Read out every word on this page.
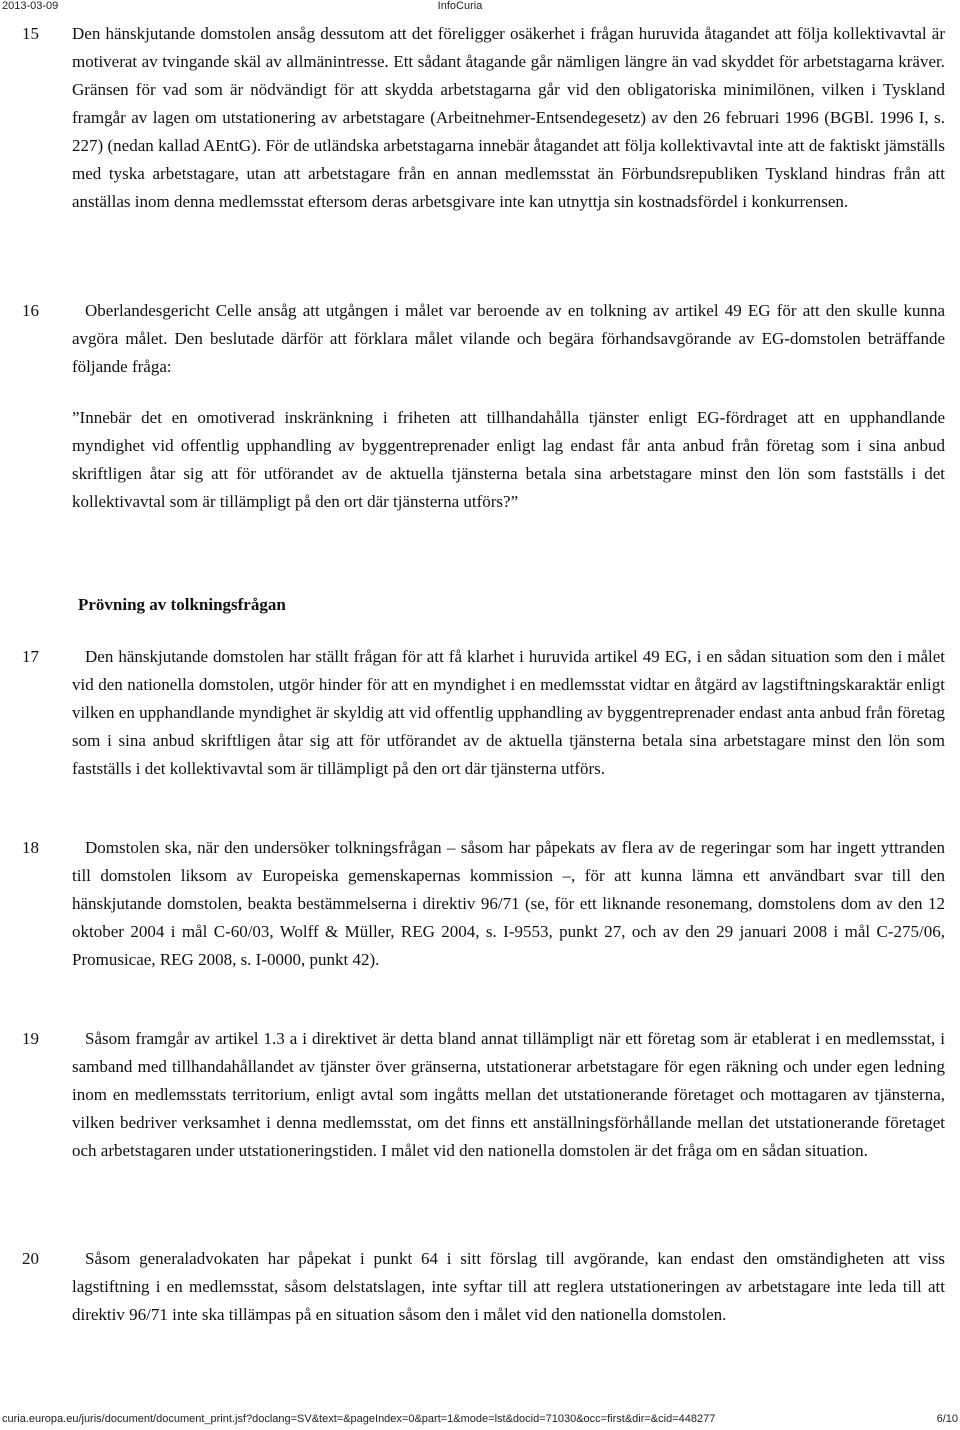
2013-03-09	InfoCuria
15 Den hänskjutande domstolen ansåg dessutom att det föreligger osäkerhet i frågan huruvida åtagandet att följa kollektivavtal är motiverat av tvingande skäl av allmänintresse. Ett sådant åtagande går nämligen längre än vad skyddet för arbetstagarna kräver. Gränsen för vad som är nödvändigt för att skydda arbetstagarna går vid den obligatoriska minimilönen, vilken i Tyskland framgår av lagen om utstationering av arbetstagare (Arbeitnehmer-Entsendegesetz) av den 26 februari 1996 (BGBl. 1996 I, s. 227) (nedan kallad AEntG). För de utländska arbetstagarna innebär åtagandet att följa kollektivavtal inte att de faktiskt jämställs med tyska arbetstagare, utan att arbetstagare från en annan medlemsstat än Förbundsrepubliken Tyskland hindras från att anställas inom denna medlemsstat eftersom deras arbetsgivare inte kan utnyttja sin kostnadsfördel i konkurrensen.

16	Oberlandesgericht Celle ansåg att utgången i målet var beroende av en tolkning av artikel 49 EG för att den skulle kunna avgöra målet. Den beslutade därför att förklara målet vilande och begära förhandsavgörande av EG-domstolen beträffande följande fråga:

”Innebär det en omotiverad inskränkning i friheten att tillhandahålla tjänster enligt EG-fördraget att en upphandlande myndighet vid offentlig upphandling av byggentreprenader enligt lag endast får anta anbud från företag som i sina anbud skriftligen åtar sig att för utförandet av de aktuella tjänsterna betala sina arbetstagare minst den lön som fastställs i det kollektivavtal som är tillämpligt på den ort där tjänsterna utförs?”

Prövning av tolkningsfrågan
17	Den hänskjutande domstolen har ställt frågan för att få klarhet i huruvida artikel 49 EG, i en sådan situation som den i målet vid den nationella domstolen, utgör hinder för att en myndighet i en medlemsstat vidtar en åtgärd av lagstiftningskaraktär enligt vilken en upphandlande myndighet är skyldig att vid offentlig upphandling av byggentreprenader endast anta anbud från företag som i sina anbud skriftligen åtar sig att för utförandet av de aktuella tjänsterna betala sina arbetstagare minst den lön som fastställs i det kollektivavtal som är tillämpligt på den ort där tjänsterna utförs.

18	Domstolen ska, när den undersöker tolkningsfrågan – såsom har påpekats av flera av de regeringar som har ingett yttranden till domstolen liksom av Europeiska gemenskapernas kommission –, för att kunna lämna ett användbart svar till den hänskjutande domstolen, beakta bestämmelserna i direktiv 96/71 (se, för ett liknande resonemang, domstolens dom av den 12 oktober 2004 i mål C-60/03, Wolff & Müller, REG 2004, s. I-9553, punkt 27, och av den 29 januari 2008 i mål C-275/06, Promusicae, REG 2008, s. I-0000, punkt 42).

19	Såsom framgår av artikel 1.3 a i direktivet är detta bland annat tillämpligt när ett företag som är etablerat i en medlemsstat, i samband med tillhandahållandet av tjänster över gränserna, utstationerar arbetstagare för egen räkning och under egen ledning inom en medlemsstats territorium, enligt avtal som ingåtts mellan det utstationerande företaget och mottagaren av tjänsterna, vilken bedriver verksamhet i denna medlemsstat, om det finns ett anställningsförhållande mellan det utstationerande företaget och arbetstagaren under utstationeringstiden. I målet vid den nationella domstolen är det fråga om en sådan situation.

20	Såsom generaladvokaten har påpekat i punkt 64 i sitt förslag till avgörande, kan endast den omständigheten att viss lagstiftning i en medlemsstat, såsom delstatslagen, inte syftar till att reglera utstationeringen av arbetstagare inte leda till att direktiv 96/71 inte ska tillämpas på en situation såsom den i målet vid den nationella domstolen.

curia.europa.eu/juris/document/document_print.jsf?doclang=SV&text=&pageIndex=0&part=1&mode=lst&docid=71030&occ=first&dir=&cid=448277	6/10
